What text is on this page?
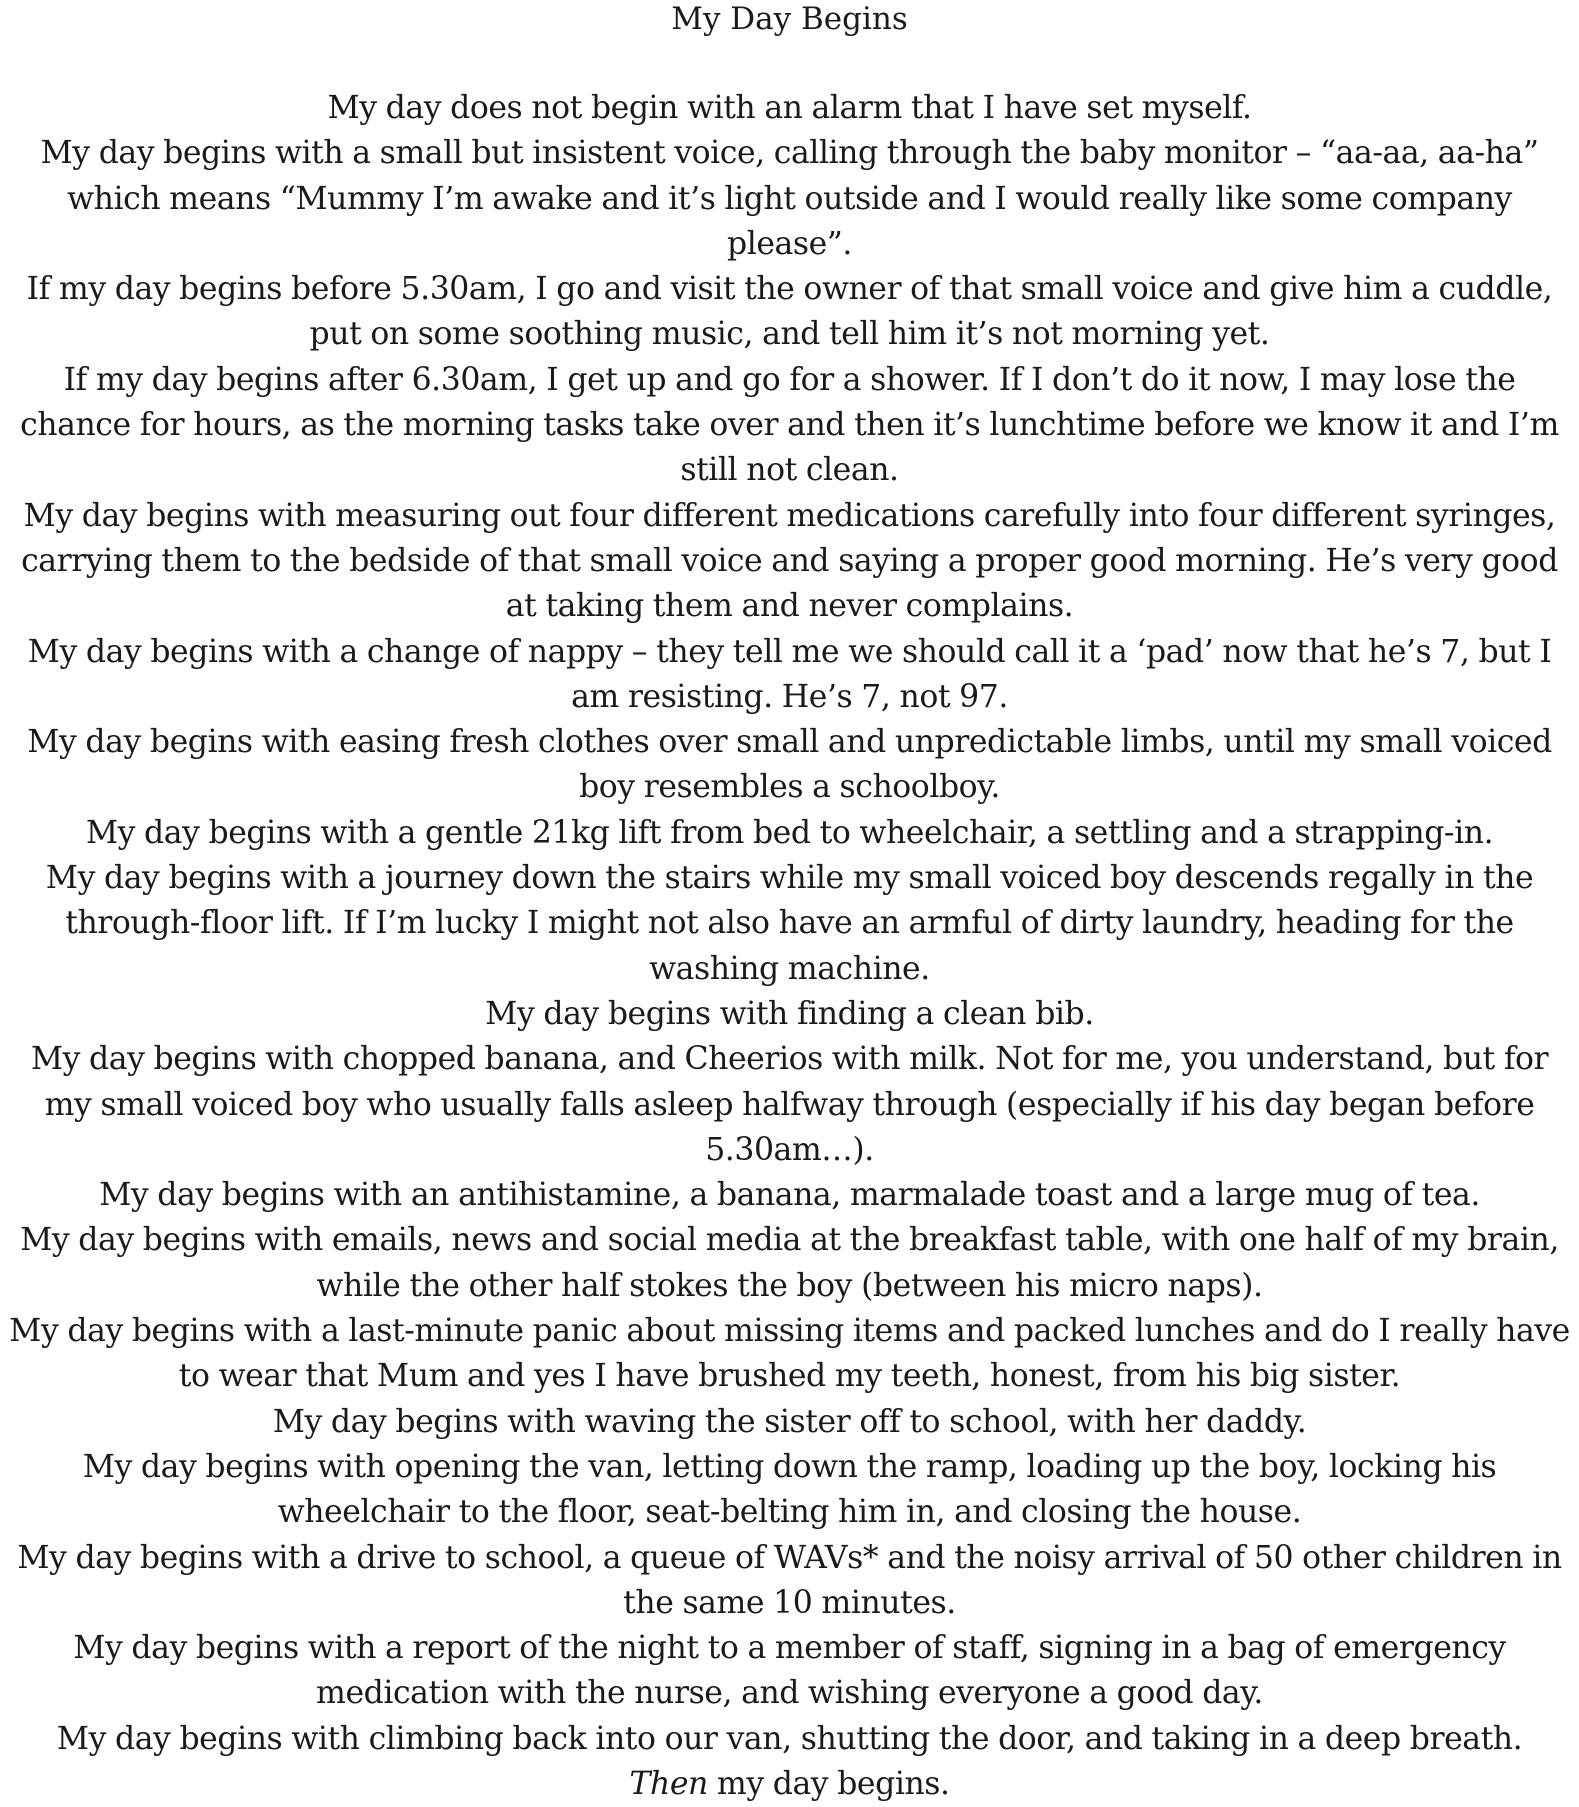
My Day Begins

My day does not begin with an alarm that I have set myself.

My day begins with a small but insistent voice, calling through the baby monitor – “aa-aa, aa-ha” which means “Mummy I’m awake and it’s light outside and I would really like some company please”.

If my day begins before 5.30am, I go and visit the owner of that small voice and give him a cuddle, put on some soothing music, and tell him it’s not morning yet.

If my day begins after 6.30am, I get up and go for a shower. If I don’t do it now, I may lose the chance for hours, as the morning tasks take over and then it’s lunchtime before we know it and I’m still not clean.

My day begins with measuring out four different medications carefully into four different syringes, carrying them to the bedside of that small voice and saying a proper good morning. He’s very good at taking them and never complains.

My day begins with a change of nappy – they tell me we should call it a ‘pad’ now that he’s 7, but I am resisting. He’s 7, not 97.

My day begins with easing fresh clothes over small and unpredictable limbs, until my small voiced boy resembles a schoolboy.

My day begins with a gentle 21kg lift from bed to wheelchair, a settling and a strapping-in.

My day begins with a journey down the stairs while my small voiced boy descends regally in the through-floor lift. If I’m lucky I might not also have an armful of dirty laundry, heading for the washing machine.

My day begins with finding a clean bib.

My day begins with chopped banana, and Cheerios with milk. Not for me, you understand, but for my small voiced boy who usually falls asleep halfway through (especially if his day began before 5.30am…).

My day begins with an antihistamine, a banana, marmalade toast and a large mug of tea.

My day begins with emails, news and social media at the breakfast table, with one half of my brain, while the other half stokes the boy (between his micro naps).

My day begins with a last-minute panic about missing items and packed lunches and do I really have to wear that Mum and yes I have brushed my teeth, honest, from his big sister.

My day begins with waving the sister off to school, with her daddy.

My day begins with opening the van, letting down the ramp, loading up the boy, locking his wheelchair to the floor, seat-belting him in, and closing the house.

My day begins with a drive to school, a queue of WAVs* and the noisy arrival of 50 other children in the same 10 minutes.

My day begins with a report of the night to a member of staff, signing in a bag of emergency medication with the nurse, and wishing everyone a good day.

My day begins with climbing back into our van, shutting the door, and taking in a deep breath.

Then my day begins.
